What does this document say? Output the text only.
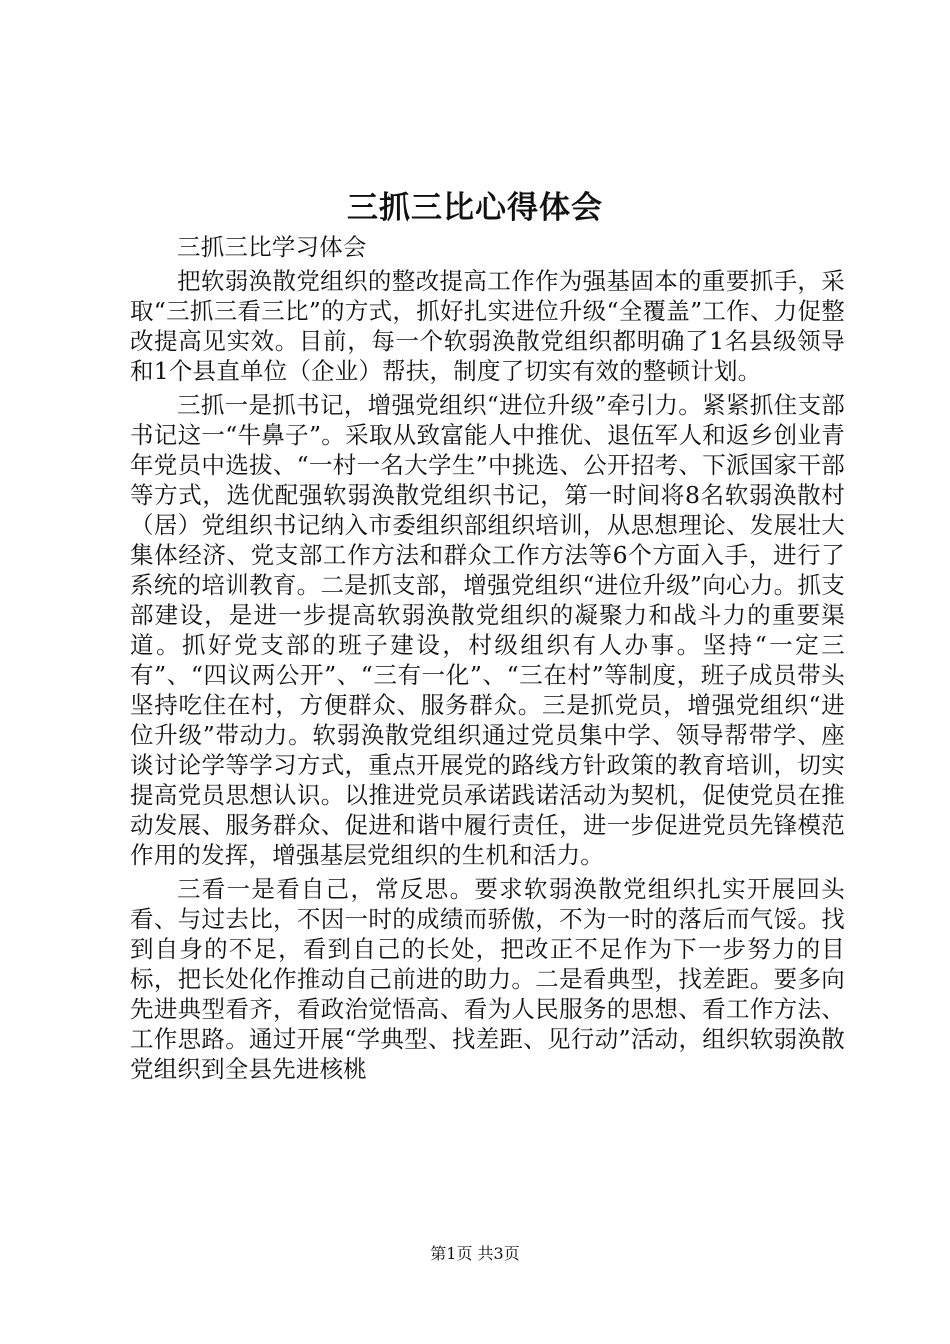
三抓三比心得体会

三抓三比学习体会

把软弱涣散党组织的整改提高工作作为强基固本的重要抓手，采取“三抓三看三比”的方式，抓好扎实进位升级“全覆盖”工作、力促整改提高见实效。目前，每一个软弱涣散党组织都明确了1名县级领导和1个县直单位（企业）帮扶，制度了切实有效的整顿计划。

三抓一是抓书记，增强党组织“进位升级”牵引力。紧紧抓住支部书记这一“牛鼻子”。采取从致富能人中推优、退伍军人和返乡创业青年党员中选拔、“一村一名大学生”中挑选、公开招考、下派国家干部等方式，选优配强软弱涣散党组织书记，第一时间将8名软弱涣散村（居）党组织书记纳入市委组织部组织培训，从思想理论、发展壮大集体经济、党支部工作方法和群众工作方法等6个方面入手，进行了系统的培训教育。二是抓支部，增强党组织“进位升级”向心力。抓支部建设，是进一步提高软弱涣散党组织的凝聚力和战斗力的重要渠道。抓好党支部的班子建设，村级组织有人办事。坚持“一定三有”、“四议两公开”、“三有一化”、“三在村”等制度，班子成员带头坚持吃住在村，方便群众、服务群众。三是抓党员，增强党组织“进位升级”带动力。软弱涣散党组织通过党员集中学、领导帮带学、座谈讨论学等学习方式，重点开展党的路线方针政策的教育培训，切实提高党员思想认识。以推进党员承诺践诺活动为契机，促使党员在推动发展、服务群众、促进和谐中履行责任，进一步促进党员先锋模范作用的发挥，增强基层党组织的生机和活力。

三看一是看自己，常反思。要求软弱涣散党组织扎实开展回头看、与过去比，不因一时的成绩而骄傲，不为一时的落后而气馁。找到自身的不足，看到自己的长处，把改正不足作为下一步努力的目标，把长处化作推动自己前进的助力。二是看典型，找差距。要多向先进典型看齐，看政治觉悟高、看为人民服务的思想、看工作方法、工作思路。通过开展“学典型、找差距、见行动”活动，组织软弱涣散党组织到全县先进核桃

第1页 共3页
